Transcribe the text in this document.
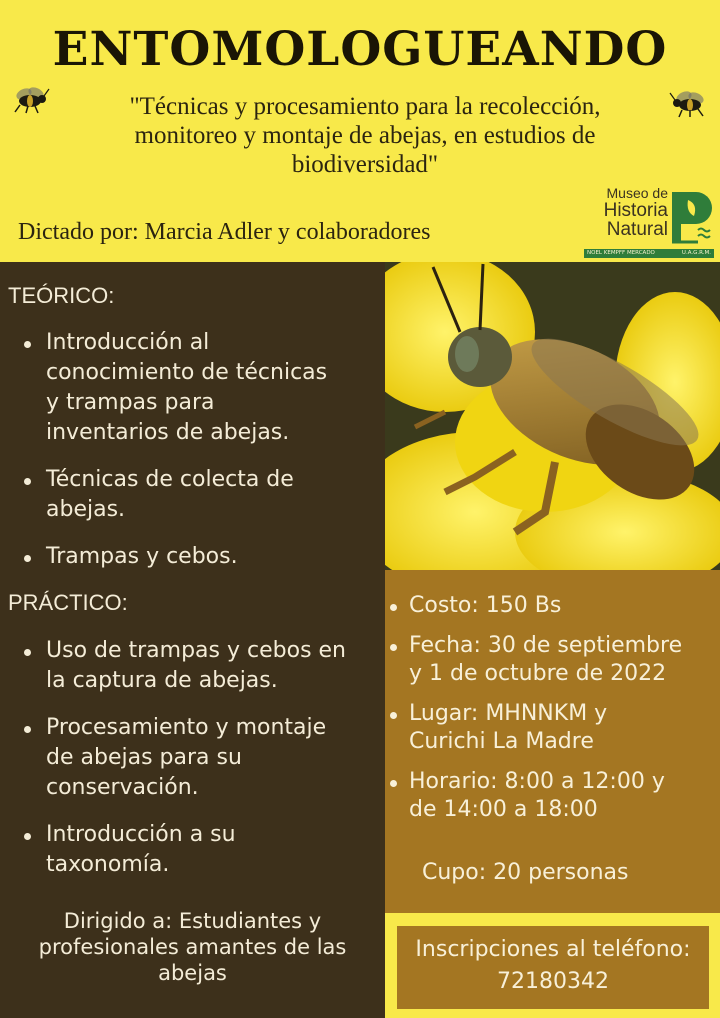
ENTOMOLOGUEANDO
"Técnicas y procesamiento para la recolección,
monitoreo y montaje de abejas, en estudios de
biodiversidad"
Dictado por: Marcia Adler y colaboradores
Museo de
Historia
Natural
NOEL KEMPFF MERCADO	U.A.G.R.M.
TEÓRICO:
Introducción al
conocimiento de técnicas
y trampas para
inventarios de abejas.
Técnicas de colecta de
abejas.
Trampas y cebos.
PRÁCTICO:
Uso de trampas y cebos en
la captura de abejas.
Procesamiento y montaje
de abejas para su
conservación.
Introducción a su
taxonomía.
Dirigido a: Estudiantes y
profesionales amantes de las
abejas
Costo: 150 Bs
Fecha: 30 de septiembre
y 1 de octubre de 2022
Lugar: MHNNKM y
Curichi La Madre
Horario: 8:00 a 12:00 y
de 14:00 a 18:00
Cupo: 20 personas
Inscripciones al teléfono:
72180342
